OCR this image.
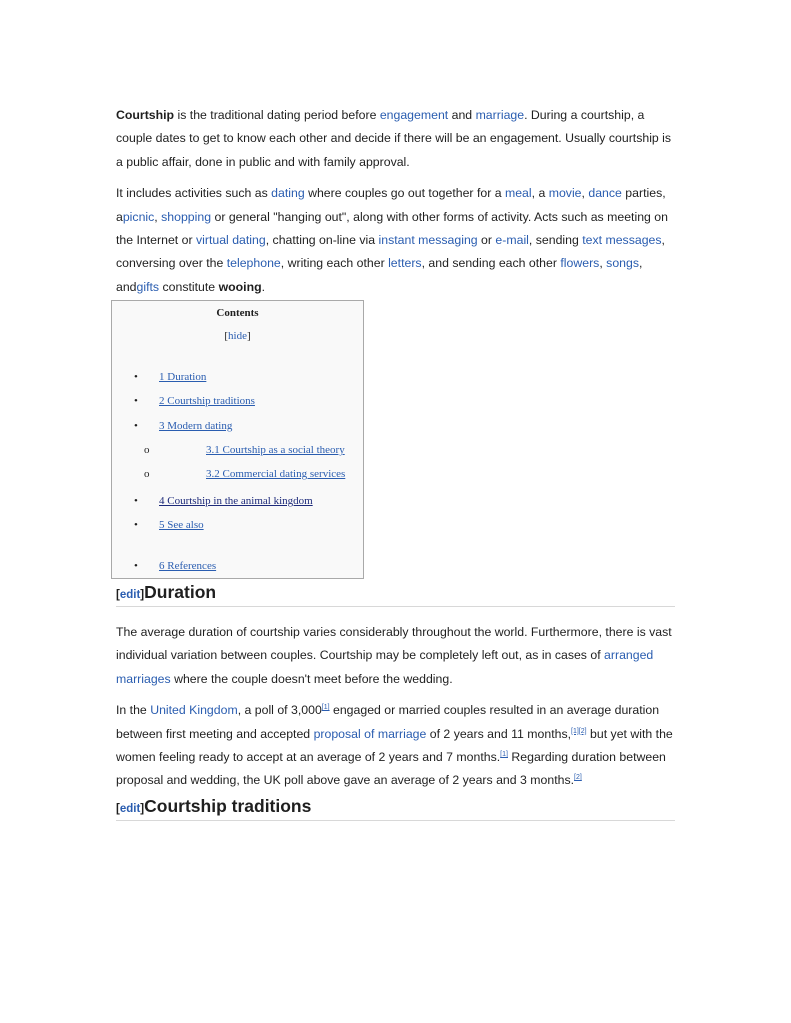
Courtship is the traditional dating period before engagement and marriage. During a courtship, a couple dates to get to know each other and decide if there will be an engagement. Usually courtship is a public affair, done in public and with family approval.

It includes activities such as dating where couples go out together for a meal, a movie, dance parties, apicnic, shopping or general "hanging out", along with other forms of activity. Acts such as meeting on the Internet or virtual dating, chatting on-line via instant messaging or e-mail, sending text messages, conversing over the telephone, writing each other letters, and sending each other flowers, songs, andgifts constitute wooing.

Contents
[hide]
• 1 Duration
• 2 Courtship traditions
• 3 Modern dating
o	3.1 Courtship as a social theory
o	3.2 Commercial dating services
• 4 Courtship in the animal kingdom
• 5 See also
• 6 References
[edit]Duration

The average duration of courtship varies considerably throughout the world. Furthermore, there is vast individual variation between couples. Courtship may be completely left out, as in cases of arranged marriages where the couple doesn't meet before the wedding.

In the United Kingdom, a poll of 3,000[1] engaged or married couples resulted in an average duration between first meeting and accepted proposal of marriage of 2 years and 11 months,[1][2] but yet with the women feeling ready to accept at an average of 2 years and 7 months.[1] Regarding duration between proposal and wedding, the UK poll above gave an average of 2 years and 3 months.[2]

[edit]Courtship traditions
